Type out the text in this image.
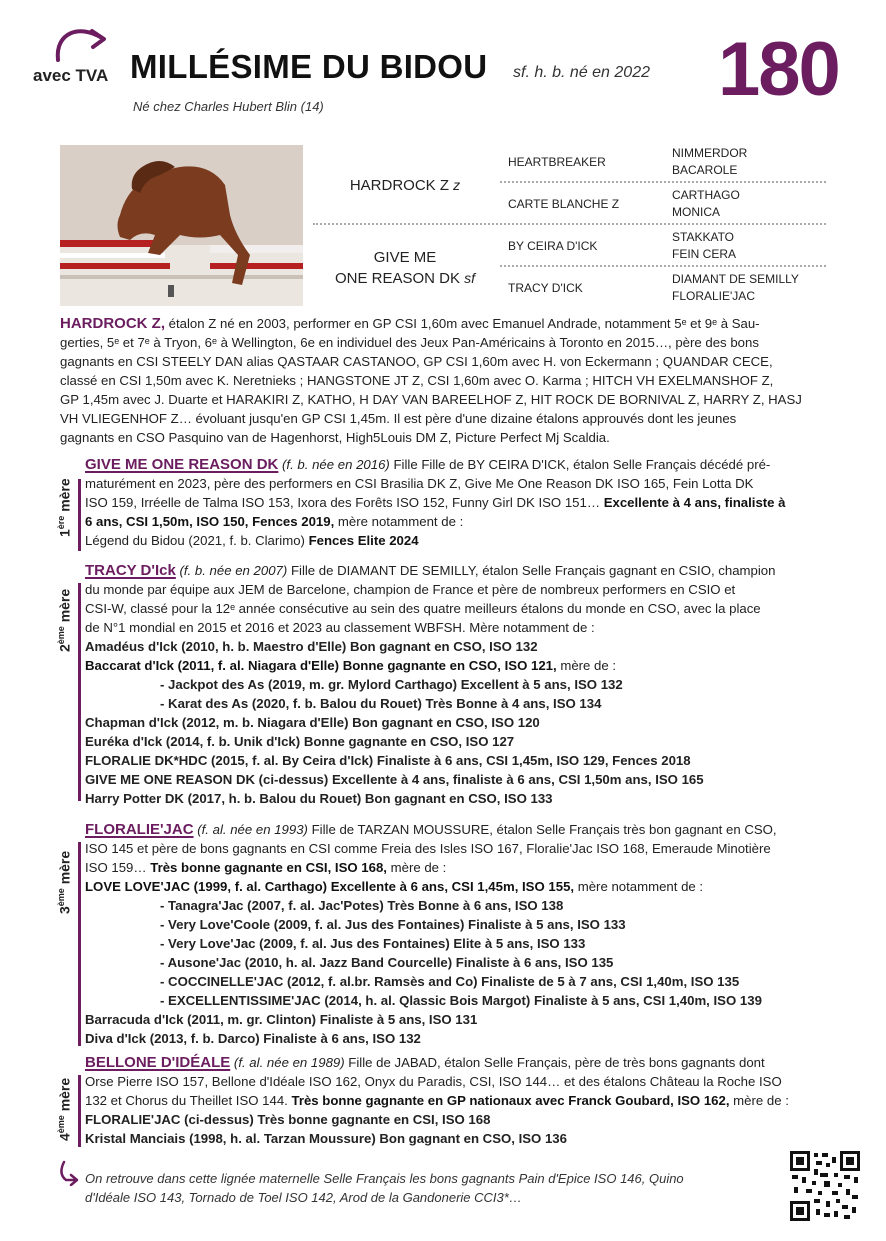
avec TVA MILLÉSIME DU BIDOU sf. h. b. né en 2022 180
Né chez Charles Hubert Blin (14)
HARDROCK Z z
GIVE ME
ONE REASON DK sf
HEARTBREAKER
CARTE BLANCHE Z
BY CEIRA D'ICK
TRACY D'ICK
NIMMERDOR
BACAROLE
CARTHAGO
MONICA
STAKKATO
FEIN CERA
DIAMANT DE SEMILLY
FLORALIE'JAC
HARDROCK Z, étalon Z né en 2003, performer en GP CSI 1,60m avec Emanuel Andrade, notamment 5ᵉ et 9ᵉ à Sau-
gerties, 5ᵉ et 7ᵉ à Tryon, 6ᵉ à Wellington, 6e en individuel des Jeux Pan-Américains à Toronto en 2015…, père des bons
gagnants en CSI STEELY DAN alias QASTAAR CASTANOO, GP CSI 1,60m avec H. von Eckermann ; QUANDAR CECE,
classé en CSI 1,50m avec K. Neretnieks ; HANGSTONE JT Z, CSI 1,60m avec O. Karma ; HITCH VH EXELMANSHOF Z,
GP 1,45m avec J. Duarte et HARAKIRI Z, KATHO, H DAY VAN BAREELHOF Z, HIT ROCK DE BORNIVAL Z, HARRY Z, HASJ
VH VLIEGENHOF Z… évoluant jusqu'en GP CSI 1,45m. Il est père d'une dizaine étalons approuvés dont les jeunes
gagnants en CSO Pasquino van de Hagenhorst, High5Louis DM Z, Picture Perfect Mj Scaldia.
1ère mère
GIVE ME ONE REASON DK (f. b. née en 2016) Fille Fille de BY CEIRA D'ICK, étalon Selle Français décédé pré-
maturément en 2023, père des performers en CSI Brasilia DK Z, Give Me One Reason DK ISO 165, Fein Lotta DK
ISO 159, Irréelle de Talma ISO 153, Ixora des Forêts ISO 152, Funny Girl DK ISO 151… Excellente à 4 ans, finaliste à
6 ans, CSI 1,50m, ISO 150, Fences 2019, mère notamment de :
Légend du Bidou (2021, f. b. Clarimo) Fences Elite 2024
2ème mère
TRACY D'Ick (f. b. née en 2007) Fille de DIAMANT DE SEMILLY, étalon Selle Français gagnant en CSIO, champion
du monde par équipe aux JEM de Barcelone, champion de France et père de nombreux performers en CSIO et
CSI-W, classé pour la 12ᵉ année consécutive au sein des quatre meilleurs étalons du monde en CSO, avec la place
de N°1 mondial en 2015 et 2016 et 2023 au classement WBFSH. Mère notamment de :
Amadéus d'Ick (2010, h. b. Maestro d'Elle) Bon gagnant en CSO, ISO 132
Baccarat d'Ick (2011, f. al. Niagara d'Elle) Bonne gagnante en CSO, ISO 121, mère de :
- Jackpot des As (2019, m. gr. Mylord Carthago) Excellent à 5 ans, ISO 132
- Karat des As (2020, f. b. Balou du Rouet) Très Bonne à 4 ans, ISO 134
Chapman d'Ick (2012, m. b. Niagara d'Elle) Bon gagnant en CSO, ISO 120
Euréka d'Ick (2014, f. b. Unik d'Ick) Bonne gagnante en CSO, ISO 127
FLORALIE DK*HDC (2015, f. al. By Ceira d'Ick) Finaliste à 6 ans, CSI 1,45m, ISO 129, Fences 2018
GIVE ME ONE REASON DK (ci-dessus) Excellente à 4 ans, finaliste à 6 ans, CSI 1,50m ans, ISO 165
Harry Potter DK (2017, h. b. Balou du Rouet) Bon gagnant en CSO, ISO 133
3ème mère
FLORALIE'JAC (f. al. née en 1993) Fille de TARZAN MOUSSURE, étalon Selle Français très bon gagnant en CSO,
ISO 145 et père de bons gagnants en CSI comme Freia des Isles ISO 167, Floralie'Jac ISO 168, Emeraude Minotière
ISO 159… Très bonne gagnante en CSI, ISO 168, mère de :
LOVE LOVE'JAC (1999, f. al. Carthago) Excellente à 6 ans, CSI 1,45m, ISO 155, mère notamment de :
- Tanagra'Jac (2007, f. al. Jac'Potes) Très Bonne à 6 ans, ISO 138
- Very Love'Coole (2009, f. al. Jus des Fontaines) Finaliste à 5 ans, ISO 133
- Very Love'Jac (2009, f. al. Jus des Fontaines) Elite à 5 ans, ISO 133
- Ausone'Jac (2010, h. al. Jazz Band Courcelle) Finaliste à 6 ans, ISO 135
- COCCINELLE'JAC (2012, f. al.br. Ramsès and Co) Finaliste de 5 à 7 ans, CSI 1,40m, ISO 135
- EXCELLENTISSIME'JAC (2014, h. al. Qlassic Bois Margot) Finaliste à 5 ans, CSI 1,40m, ISO 139
Barracuda d'Ick (2011, m. gr. Clinton) Finaliste à 5 ans, ISO 131
Diva d'Ick (2013, f. b. Darco) Finaliste à 6 ans, ISO 132
4ème mère
BELLONE D'IDÉALE (f. al. née en 1989) Fille de JABAD, étalon Selle Français, père de très bons gagnants dont
Orse Pierre ISO 157, Bellone d'Idéale ISO 162, Onyx du Paradis, CSI, ISO 144… et des étalons Château la Roche ISO
132 et Chorus du Theillet ISO 144. Très bonne gagnante en GP nationaux avec Franck Goubard, ISO 162, mère de :
FLORALIE'JAC (ci-dessus) Très bonne gagnante en CSI, ISO 168
Kristal Manciais (1998, h. al. Tarzan Moussure) Bon gagnant en CSO, ISO 136
On retrouve dans cette lignée maternelle Selle Français les bons gagnants Pain d'Epice ISO 146, Quino
d'Idéale ISO 143, Tornado de Toel ISO 142, Arod de la Gandonerie CCI3*…
